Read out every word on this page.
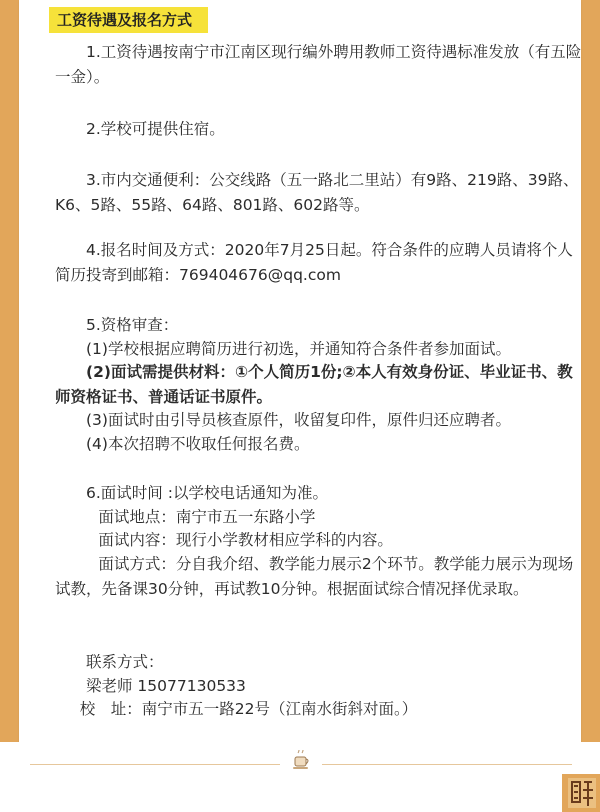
工资待遇及报名方式

1.工资待遇按南宁市江南区现行编外聘用教师工资待遇标准发放（有五险一金）。

2.学校可提供住宿。

3.市内交通便利：公交线路（五一路北二里站）有9路、219路、39路、K6、5路、55路、64路、801路、602路等。

4.报名时间及方式：2020年7月25日起。符合条件的应聘人员请将个人简历投寄到邮箱：769404676@qq.com

5.资格审查：

(1)学校根据应聘简历进行初选，并通知符合条件者参加面试。

(2)面试需提供材料：①个人简历1份;②本人有效身份证、毕业证书、教师资格证书、普通话证书原件。

(3)面试时由引导员核查原件，收留复印件，原件归还应聘者。

(4)本次招聘不收取任何报名费。

6.面试时间 :以学校电话通知为准。

面试地点：南宁市五一东路小学

面试内容：现行小学教材相应学科的内容。

面试方式：分自我介绍、教学能力展示2个环节。教学能力展示为现场试教，先备课30分钟，再试教10分钟。根据面试综合情况择优录取。

联系方式：

梁老师 15077130533

校　址：南宁市五一路22号（江南水街斜对面。）
